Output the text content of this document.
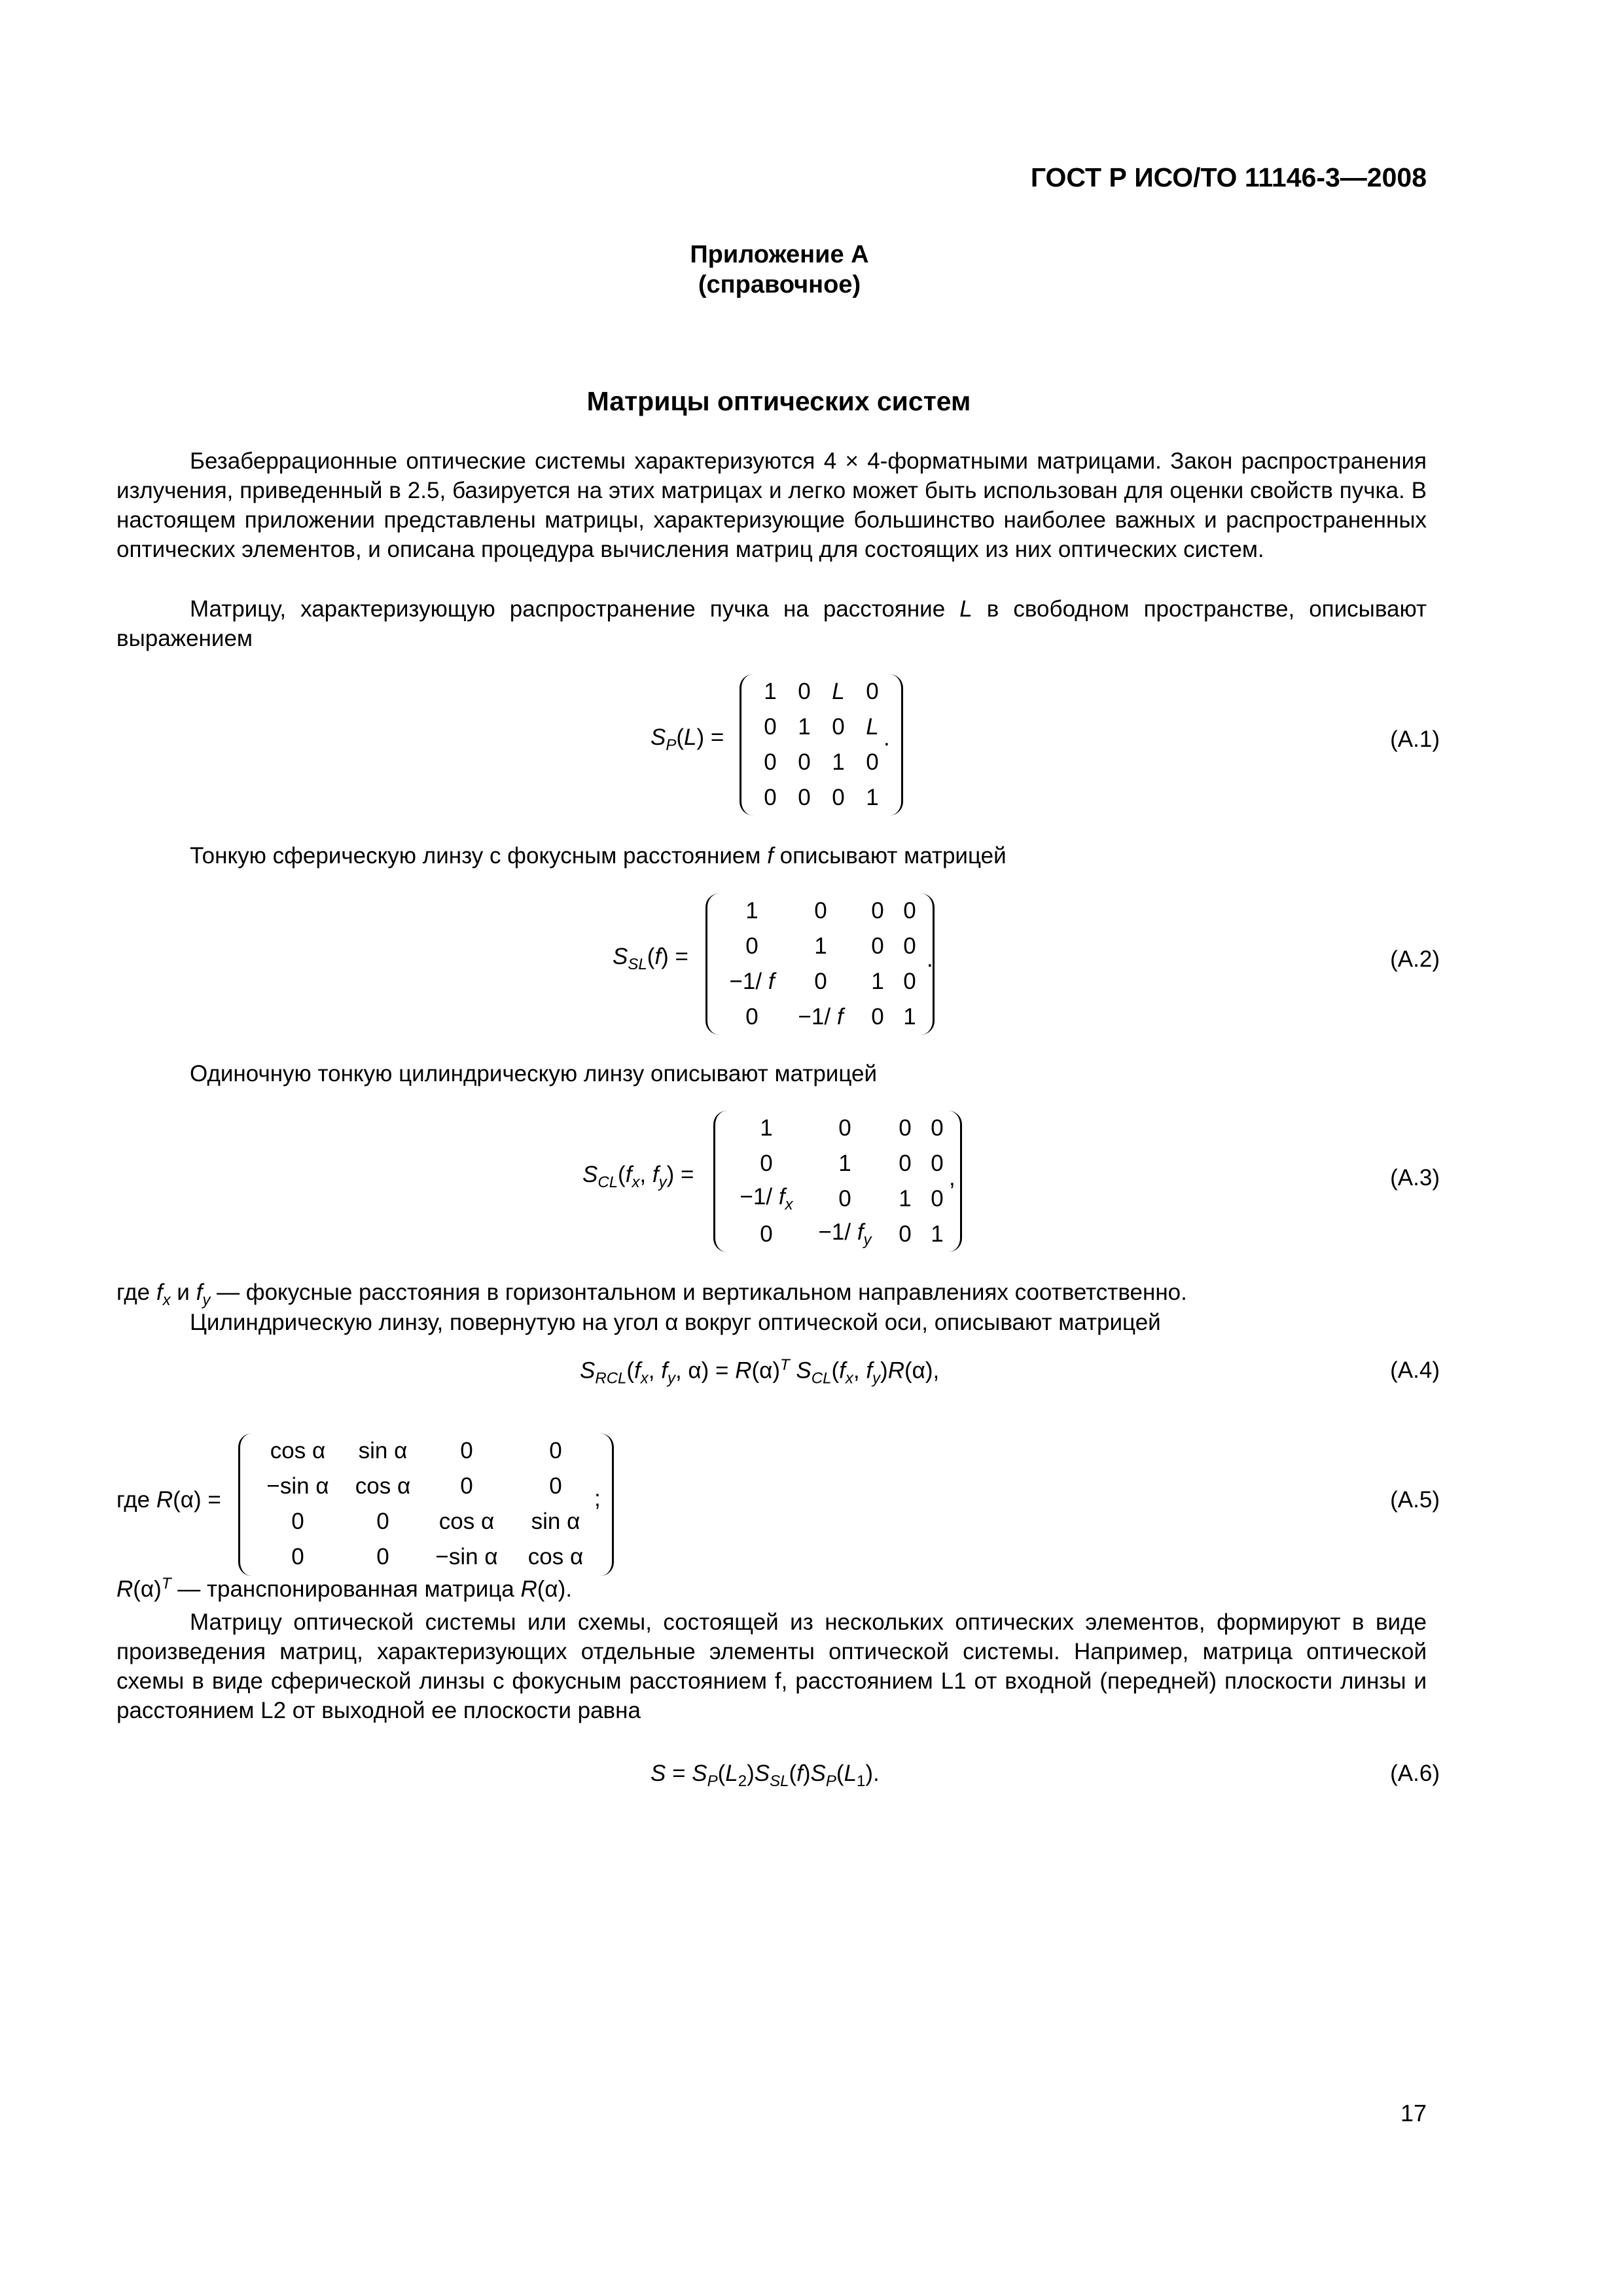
ГОСТ Р ИСО/ТО 11146-3—2008
Приложение А
(справочное)
Матрицы оптических систем
Безаберрационные оптические системы характеризуются 4 × 4-форматными матрицами. Закон распространения излучения, приведенный в 2.5, базируется на этих матрицах и легко может быть использован для оценки свойств пучка. В настоящем приложении представлены матрицы, характеризующие большинство наиболее важных и распространенных оптических элементов, и описана процедура вычисления матриц для состоящих из них оптических систем.
Матрицу, характеризующую распространение пучка на расстояние L в свободном пространстве, описывают выражением
$S_P(L)$ =
1 0 L 0
0 1 0 L
0 0 1 0
0 0 0 1
.	(A.1)
Тонкую сферическую линзу с фокусным расстоянием f описывают матрицей
$S_{SL}(f)$ =
1	0	0 0
0	1	0 0
−1/ f	0	1 0
0	−1/ f	0 1
.	(A.2)
Одиночную тонкую цилиндрическую линзу описывают матрицей
$S_{CL}(f_x$, $f_y$) =
1	0	0 0
0	1	0 0
−1/ $f_x$	0	1 0
0	−1/ $f_y$	0 1
,	(A.3)
где $f_x$ и $f_y$ — фокусные расстояния в горизонтальном и вертикальном направлениях соответственно.
Цилиндрическую линзу, повернутую на угол α вокруг оптической оси, описывают матрицей
$S_{RCL}(f_x$, $f_y$, $\alpha) = R(\alpha)^T$ $S_{CL}(f_x$, $f_y)R(\alpha)$,	(A.4)
где R(α) =
cos α	sin α	0	0
−sin α	cos α	0	0
0	0	cos α	sin α
0	0	−sin α	cos α
;	(A.5)
$R(\alpha)^T$ — транспонированная матрица R(α).
Матрицу оптической системы или схемы, состоящей из нескольких оптических элементов, формируют в виде произведения матриц, характеризующих отдельные элементы оптической системы. Например, матрица оптической схемы в виде сферической линзы с фокусным расстоянием f, расстоянием L1 от входной (передней) плоскости линзы и расстоянием L2 от выходной ее плоскости равна
$S = S_P(L_2)S_{SL}(f)S_P(L_1)$.	(A.6)
17
